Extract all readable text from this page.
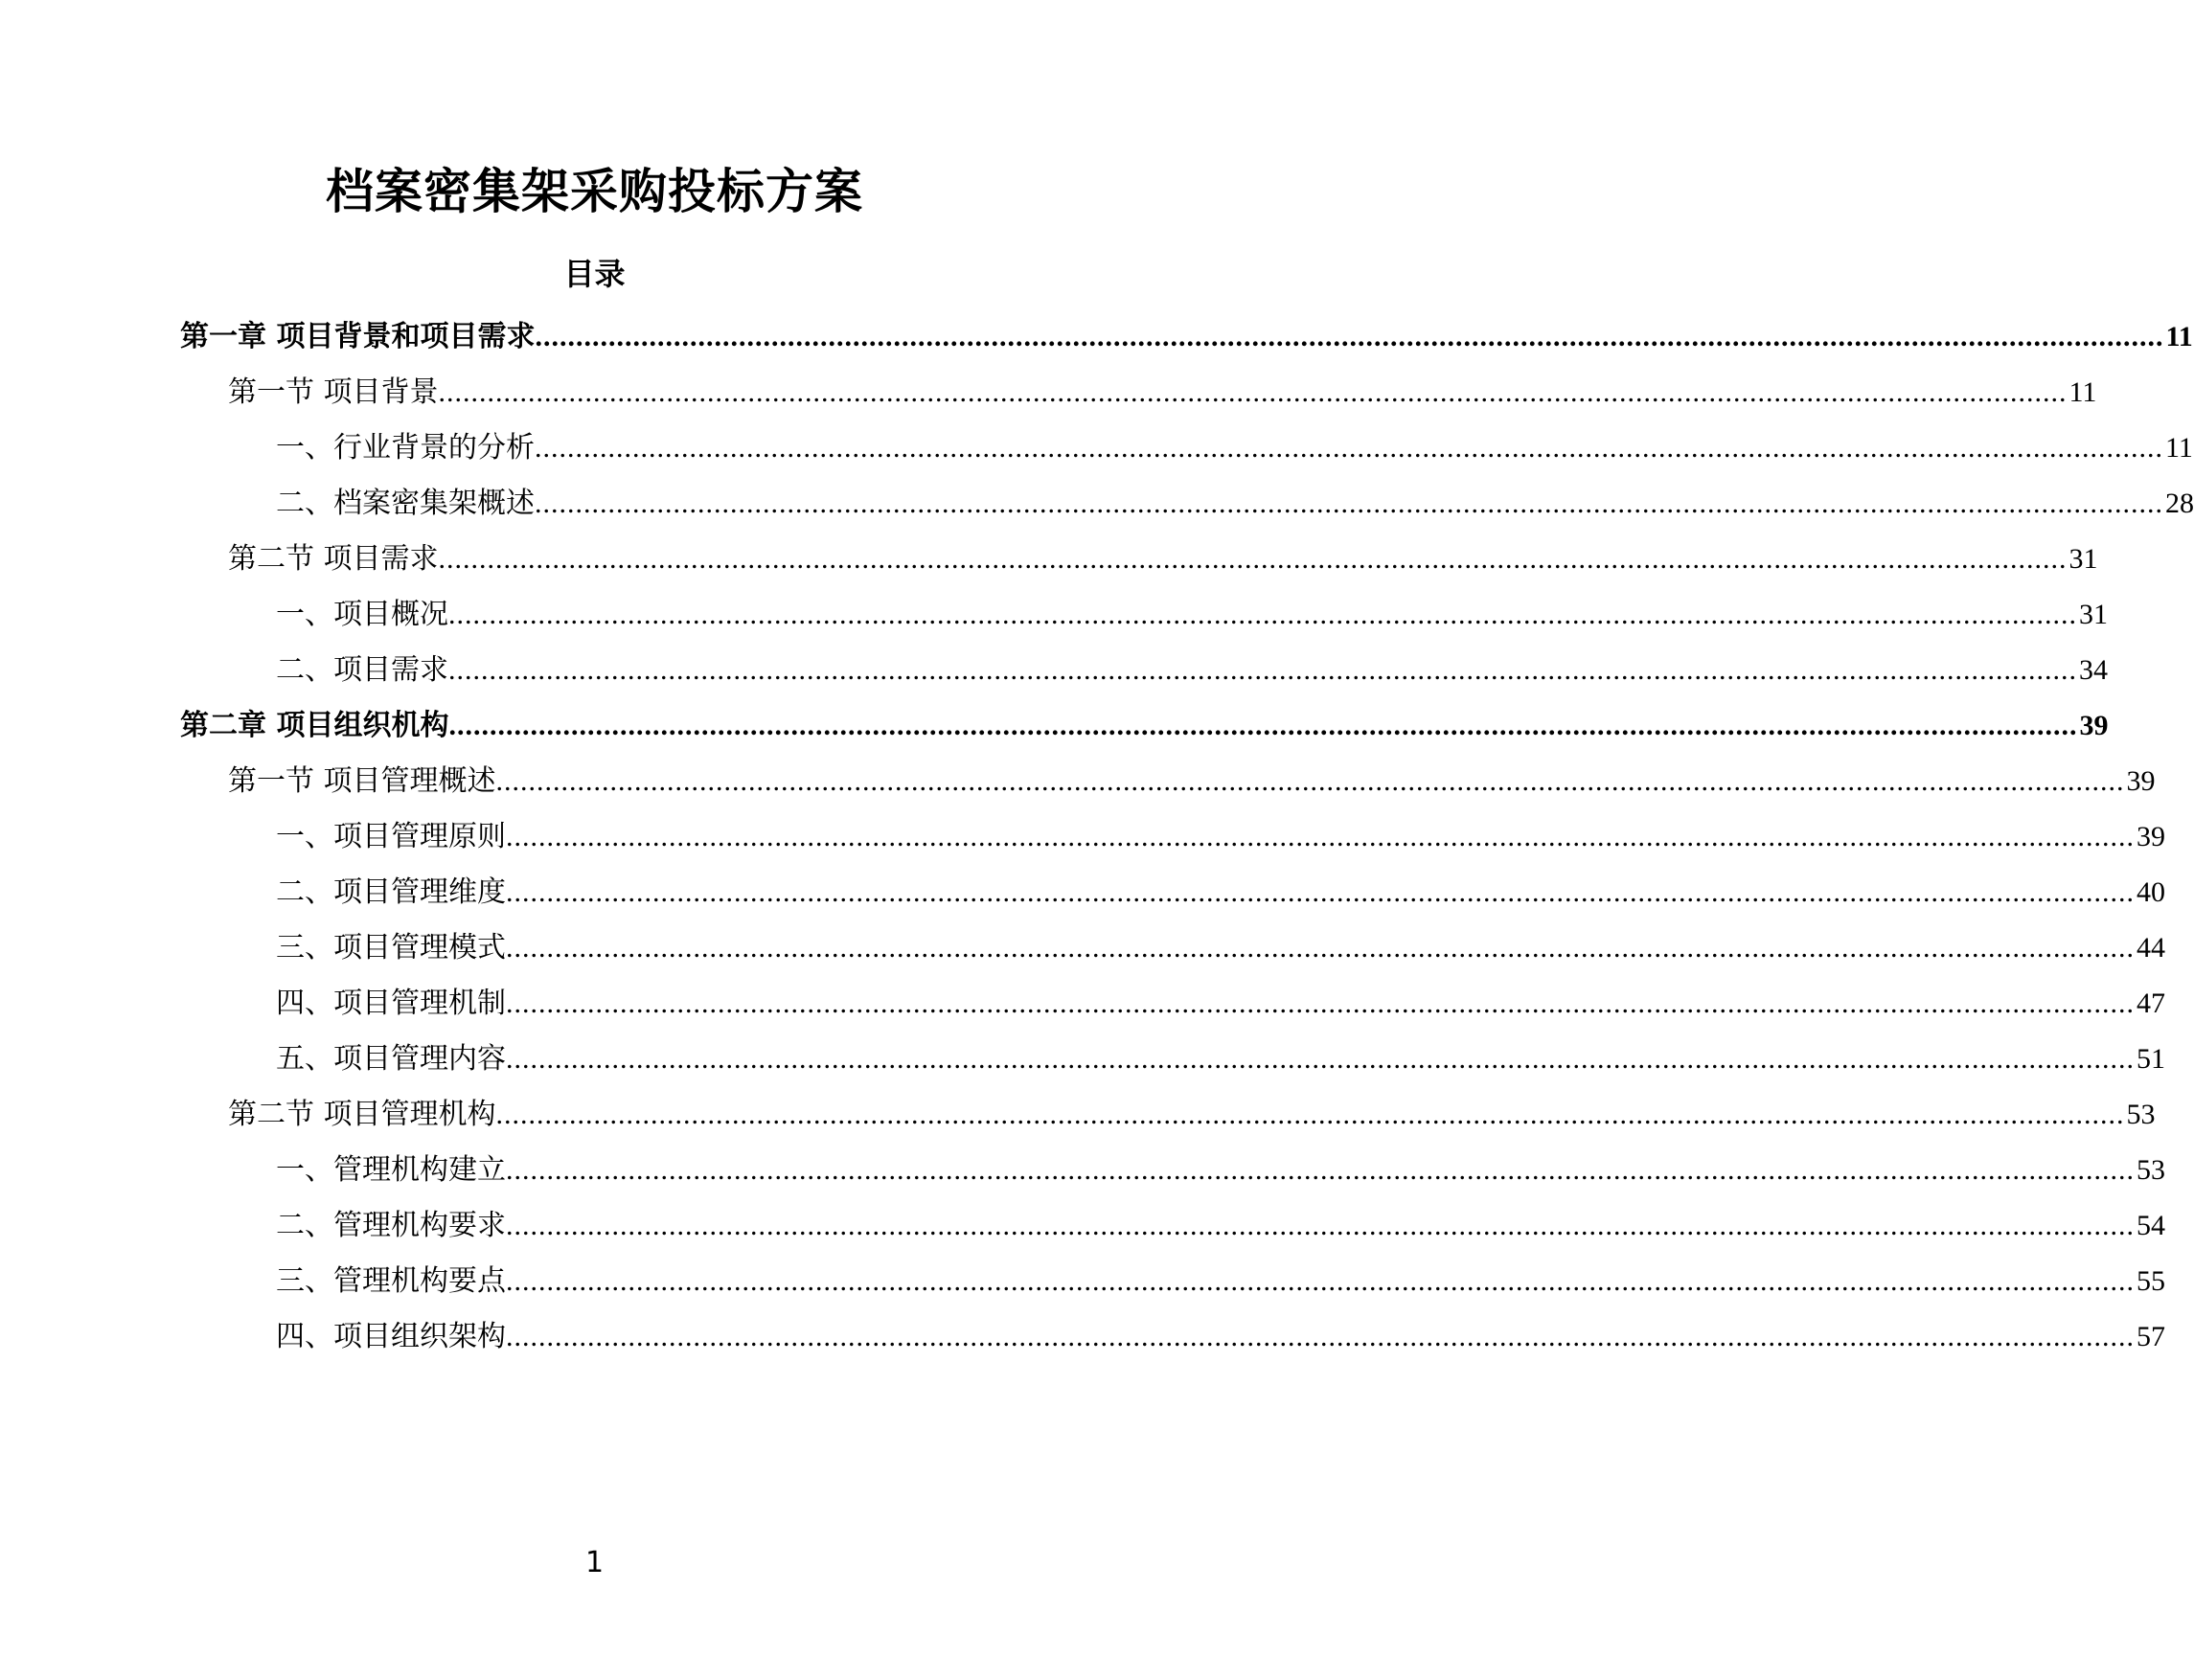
档案密集架采购投标方案
目录
第一章 项目背景和项目需求 ........................................................................................................................................................................................................ 11
第一节 项目背景 ........................................................................................................................................................................................................ 11
一、行业背景的分析 ........................................................................................................................................................................................................ 11
二、档案密集架概述 ........................................................................................................................................................................................................ 28
第二节 项目需求 ........................................................................................................................................................................................................ 31
一、项目概况 ........................................................................................................................................................................................................ 31
二、项目需求 ........................................................................................................................................................................................................ 34
第二章 项目组织机构 ........................................................................................................................................................................................................ 39
第一节 项目管理概述 ........................................................................................................................................................................................................ 39
一、项目管理原则 ........................................................................................................................................................................................................ 39
二、项目管理维度 ........................................................................................................................................................................................................ 40
三、项目管理模式 ........................................................................................................................................................................................................ 44
四、项目管理机制 ........................................................................................................................................................................................................ 47
五、项目管理内容 ........................................................................................................................................................................................................ 51
第二节 项目管理机构 ........................................................................................................................................................................................................ 53
一、管理机构建立 ........................................................................................................................................................................................................ 53
二、管理机构要求 ........................................................................................................................................................................................................ 54
三、管理机构要点 ........................................................................................................................................................................................................ 55
四、项目组织架构 ........................................................................................................................................................................................................ 57
1
